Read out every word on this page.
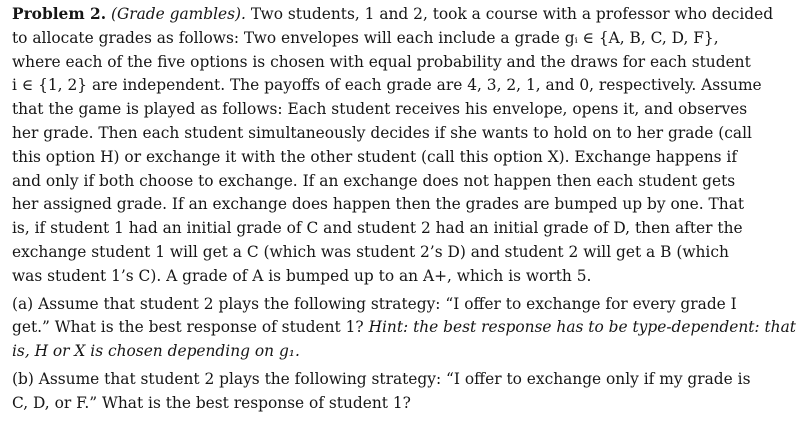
Problem 2. (Grade gambles). Two students, 1 and 2, took a course with a professor who decided
to allocate grades as follows: Two envelopes will each include a grade gᵢ ∈ {A, B, C, D, F},
where each of the five options is chosen with equal probability and the draws for each student
i ∈ {1, 2} are independent. The payoffs of each grade are 4, 3, 2, 1, and 0, respectively. Assume
that the game is played as follows: Each student receives his envelope, opens it, and observes
her grade. Then each student simultaneously decides if she wants to hold on to her grade (call
this option H) or exchange it with the other student (call this option X). Exchange happens if
and only if both choose to exchange. If an exchange does not happen then each student gets
her assigned grade. If an exchange does happen then the grades are bumped up by one. That
is, if student 1 had an initial grade of C and student 2 had an initial grade of D, then after the
exchange student 1 will get a C (which was student 2’s D) and student 2 will get a B (which
was student 1’s C). A grade of A is bumped up to an A+, which is worth 5.
(a) Assume that student 2 plays the following strategy: “I offer to exchange for every grade I
get.” What is the best response of student 1? Hint: the best response has to be type-dependent: that
is, H or X is chosen depending on g₁.
(b) Assume that student 2 plays the following strategy: “I offer to exchange only if my grade is
C, D, or F.” What is the best response of student 1?
